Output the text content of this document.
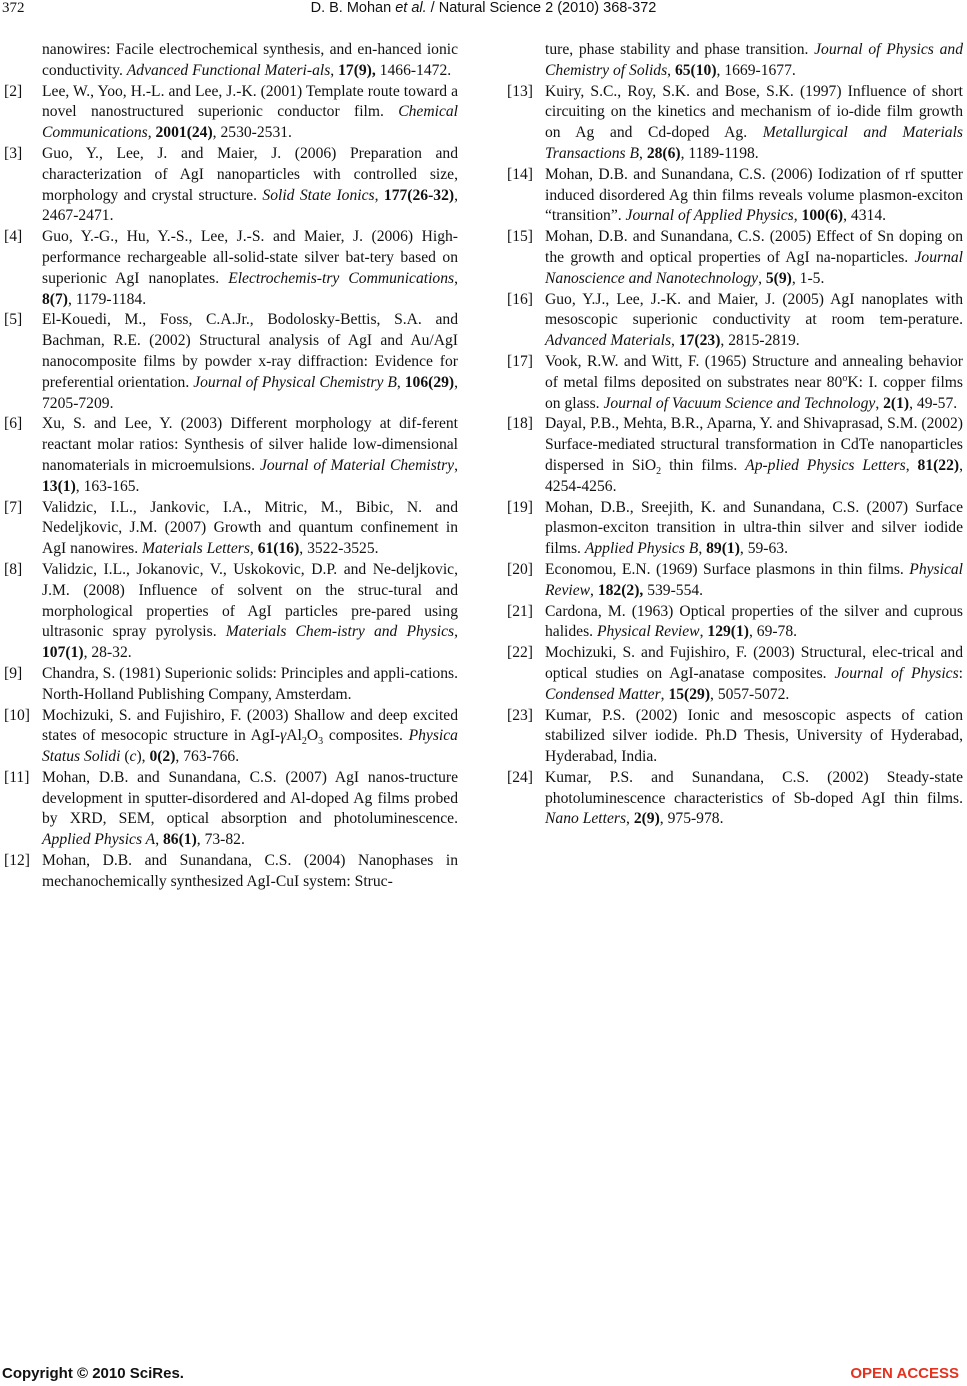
372	D. B. Mohan et al. / Natural Science 2 (2010) 368-372
nanowires: Facile electrochemical synthesis, and en-hanced ionic conductivity. Advanced Functional Materi-als, 17(9), 1466-1472.
[2]	Lee, W., Yoo, H.-L. and Lee, J.-K. (2001) Template route toward a novel nanostructured superionic conductor film. Chemical Communications, 2001(24), 2530-2531.
[3]	Guo, Y., Lee, J. and Maier, J. (2006) Preparation and characterization of AgI nanoparticles with controlled size, morphology and crystal structure. Solid State Ionics, 177(26-32), 2467-2471.
[4]	Guo, Y.-G., Hu, Y.-S., Lee, J.-S. and Maier, J. (2006) High-performance rechargeable all-solid-state silver bat-tery based on superionic AgI nanoplates. Electrochemis-try Communications, 8(7), 1179-1184.
[5]	El-Kouedi, M., Foss, C.A.Jr., Bodolosky-Bettis, S.A. and Bachman, R.E. (2002) Structural analysis of AgI and Au/AgI nanocomposite films by powder x-ray diffraction: Evidence for preferential orientation. Journal of Physical Chemistry B, 106(29), 7205-7209.
[6]	Xu, S. and Lee, Y. (2003) Different morphology at dif-ferent reactant molar ratios: Synthesis of silver halide low-dimensional nanomaterials in microemulsions. Journal of Material Chemistry, 13(1), 163-165.
[7]	Validzic, I.L., Jankovic, I.A., Mitric, M., Bibic, N. and Nedeljkovic, J.M. (2007) Growth and quantum confinement in AgI nanowires. Materials Letters, 61(16), 3522-3525.
[8]	Validzic, I.L., Jokanovic, V., Uskokovic, D.P. and Ne-deljkovic, J.M. (2008) Influence of solvent on the struc-tural and morphological properties of AgI particles pre-pared using ultrasonic spray pyrolysis. Materials Chem-istry and Physics, 107(1), 28-32.
[9]	Chandra, S. (1981) Superionic solids: Principles and appli-cations. North-Holland Publishing Company, Amsterdam.
[10] Mochizuki, S. and Fujishiro, F. (2003) Shallow and deep excited states of mesocopic structure in AgI-$\gamma Al_2O_3$ composites. Physica Status Solidi (c), 0(2), 763-766.
[11] Mohan, D.B. and Sunandana, C.S. (2007) AgI nanos-tructure development in sputter-disordered and Al-doped Ag films probed by XRD, SEM, optical absorption and photoluminescence. Applied Physics A, 86(1), 73-82.
[12] Mohan, D.B. and Sunandana, C.S. (2004) Nanophases in mechanochemically synthesized AgI-CuI system: Struc-
ture, phase stability and phase transition. Journal of Physics and Chemistry of Solids, 65(10), 1669-1677.
[13] Kuiry, S.C., Roy, S.K. and Bose, S.K. (1997) Influence of short circuiting on the kinetics and mechanism of io-dide film growth on Ag and Cd-doped Ag. Metallurgical and Materials Transactions B, 28(6), 1189-1198.
[14] Mohan, D.B. and Sunandana, C.S. (2006) Iodization of rf sputter induced disordered Ag thin films reveals volume plasmon-exciton “transition”. Journal of Applied Physics, 100(6), 4314.
[15] Mohan, D.B. and Sunandana, C.S. (2005) Effect of Sn doping on the growth and optical properties of AgI na-noparticles. Journal Nanoscience and Nanotechnology, 5(9), 1-5.
[16] Guo, Y.J., Lee, J.-K. and Maier, J. (2005) AgI nanoplates with mesoscopic superionic conductivity at room tem-perature. Advanced Materials, 17(23), 2815-2819.
[17] Vook, R.W. and Witt, F. (1965) Structure and annealing behavior of metal films deposited on substrates near 80$^o$K: I. copper films on glass. Journal of Vacuum Science and Technology, 2(1), 49-57.
[18] Dayal, P.B., Mehta, B.R., Aparna, Y. and Shivaprasad, S.M. (2002) Surface-mediated structural transformation in CdTe nanoparticles dispersed in SiO$_2$ thin films. Ap-plied Physics Letters, 81(22), 4254-4256.
[19] Mohan, D.B., Sreejith, K. and Sunandana, C.S. (2007) Surface plasmon-exciton transition in ultra-thin silver and silver iodide films. Applied Physics B, 89(1), 59-63.
[20] Economou, E.N. (1969) Surface plasmons in thin films. Physical Review, 182(2), 539-554.
[21] Cardona, M. (1963) Optical properties of the silver and cuprous halides. Physical Review, 129(1), 69-78.
[22] Mochizuki, S. and Fujishiro, F. (2003) Structural, elec-trical and optical studies on AgI-anatase composites. Journal of Physics: Condensed Matter, 15(29), 5057-5072.
[23] Kumar, P.S. (2002) Ionic and mesoscopic aspects of cation stabilized silver iodide. Ph.D Thesis, University of Hyderabad, Hyderabad, India.
[24] Kumar, P.S. and Sunandana, C.S. (2002) Steady-state photoluminescence characteristics of Sb-doped AgI thin films. Nano Letters, 2(9), 975-978.
Copyright © 2010 SciRes.	OPEN ACCESS
